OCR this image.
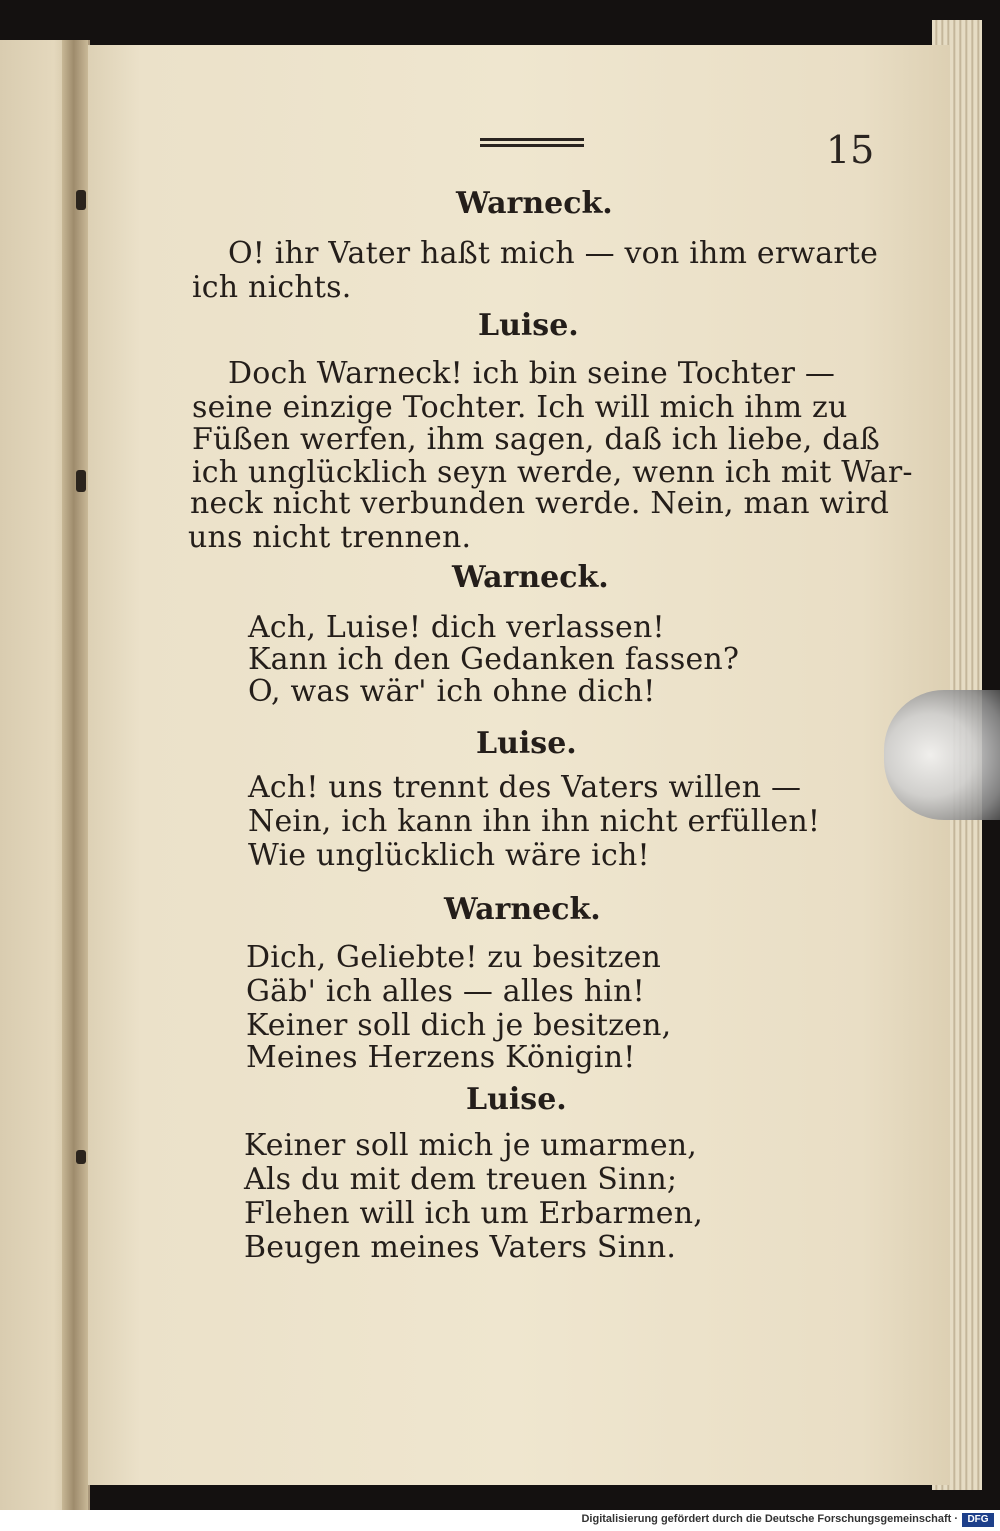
15
Warneck.
O! ihr Vater haßt mich — von ihm erwarte
ich nichts.
Luise.
Doch Warneck! ich bin seine Tochter —
seine einzige Tochter. Ich will mich ihm zu
Füßen werfen, ihm sagen, daß ich liebe, daß
ich unglücklich seyn werde, wenn ich mit War-
neck nicht verbunden werde. Nein, man wird
uns nicht trennen.
Warneck.
Ach, Luise! dich verlassen!
Kann ich den Gedanken fassen?
O, was wär' ich ohne dich!
Luise.
Ach! uns trennt des Vaters willen —
Nein, ich kann ihn ihn nicht erfüllen!
Wie unglücklich wäre ich!
Warneck.
Dich, Geliebte! zu besitzen
Gäb' ich alles — alles hin!
Keiner soll dich je besitzen,
Meines Herzens Königin!
Luise.
Keiner soll mich je umarmen,
Als du mit dem treuen Sinn;
Flehen will ich um Erbarmen,
Beugen meines Vaters Sinn.
Digitalisierung gefördert durch die Deutsche Forschungsgemeinschaft · DFG
